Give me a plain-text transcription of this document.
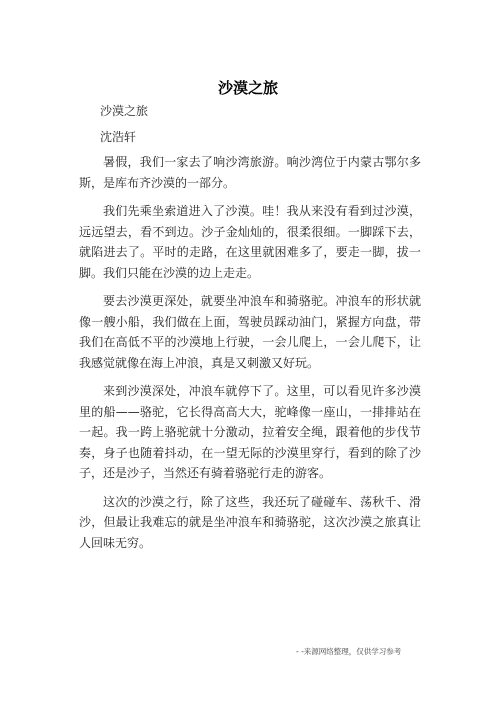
沙漠之旅
沙漠之旅
沈浩轩

暑假，我们一家去了响沙湾旅游。响沙湾位于内蒙古鄂尔多斯，是库布齐沙漠的一部分。

我们先乘坐索道进入了沙漠。哇！我从来没有看到过沙漠，远远望去，看不到边。沙子金灿灿的，很柔很细。一脚踩下去，就陷进去了。平时的走路，在这里就困难多了，要走一脚，拔一脚。我们只能在沙漠的边上走走。

要去沙漠更深处，就要坐冲浪车和骑骆驼。冲浪车的形状就像一艘小船，我们做在上面，驾驶员踩动油门，紧握方向盘，带我们在高低不平的沙漠地上行驶，一会儿爬上，一会儿爬下，让我感觉就像在海上冲浪，真是又刺激又好玩。

来到沙漠深处，冲浪车就停下了。这里，可以看见许多沙漠里的船——骆驼，它长得高高大大，驼峰像一座山，一排排站在一起。我一跨上骆驼就十分激动，拉着安全绳，跟着他的步伐节奏，身子也随着抖动，在一望无际的沙漠里穿行，看到的除了沙子，还是沙子，当然还有骑着骆驼行走的游客。

这次的沙漠之行，除了这些，我还玩了碰碰车、荡秋千、滑沙，但最让我难忘的就是坐冲浪车和骑骆驼，这次沙漠之旅真让人回味无穷。

- -来源网络整理，仅供学习参考
